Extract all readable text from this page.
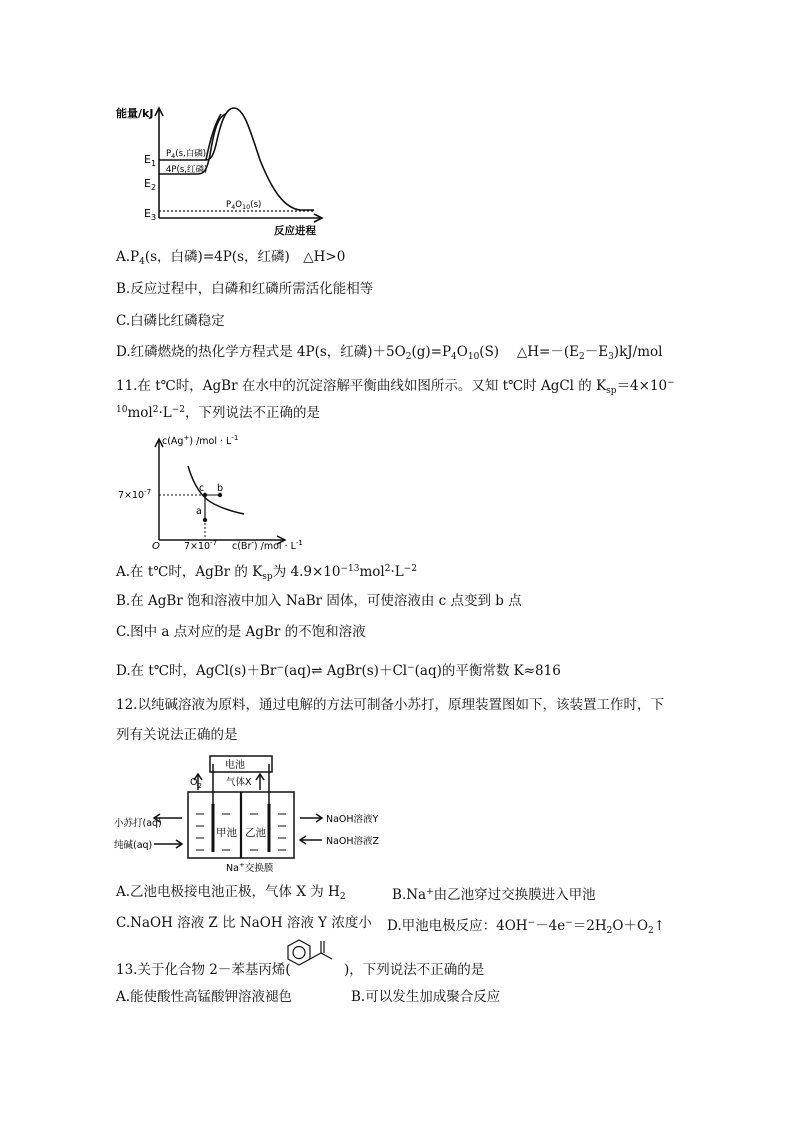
能量/kJ
$E_1$
$E_2$
$E_3$
$P_4(s$,白磷)
4P(s,红磷)
$P_4O_{10}(s)$
反应进程
$A.P_4(s$，白磷)=4P(s，红磷)　△H>0
B.反应过程中，白磷和红磷所需活化能相等
C.白磷比红磷稳定
D.红磷燃烧的热化学方程式是 4P(s，红磷)$+5O_2(g)=P_4O_{10}(S)$　 $\triangle H=-(E_2-E_3)kJ$/mol
11.在 t℃时，AgBr 在水中的沉淀溶解平衡曲线如图所示。又知 t℃时 AgCl 的 $K_{sp}=4\times 10^-$
$^{10}mol^2\cdot L^{-2}$，下列说法不正确的是
c(Ag+) $/mol \cdot L^{-1}$
$7\times 10^{-7}$	c b
a
O	$7\times 10^{-7}$ c(Br-) $/mol \cdot L^{-1}$
A.在 t℃时，AgBr 的 $K_{sp}$为 $4.9\times 10^{-13}mol^2\cdot L^{-2}$
B.在 AgBr 饱和溶液中加入 NaBr 固体，可使溶液由 c 点变到 b 点
C.图中 a 点对应的是 AgBr 的不饱和溶液
D.在 t℃时，AgCl(s)＋Br−(aq)⇌ AgBr(s)＋Cl−(aq)的平衡常数 K≈816
12.以纯碱溶液为原料，通过电解的方法可制备小苏打，原理装置图如下，该装置工作时，下
列有关说法正确的是
电池
$O_2$	气体X
小苏打(aq)
纯碱(aq)
NaOH溶液Y
NaOH溶液Z
甲池 乙池
Na+交换膜
A.乙池电极接电池正极，气体 X 为 $H_2$	B.Na+由乙池穿过交换膜进入甲池
C.NaOH 溶液 Z 比 NaOH 溶液 Y 浓度小 D.甲池电极反应：$4OH^--4e^-=2H_2O+O_2↑$
13.关于化合物 2－苯基丙烯(	)，下列说法不正确的是
A.能使酸性高锰酸钾溶液褪色	B.可以发生加成聚合反应
